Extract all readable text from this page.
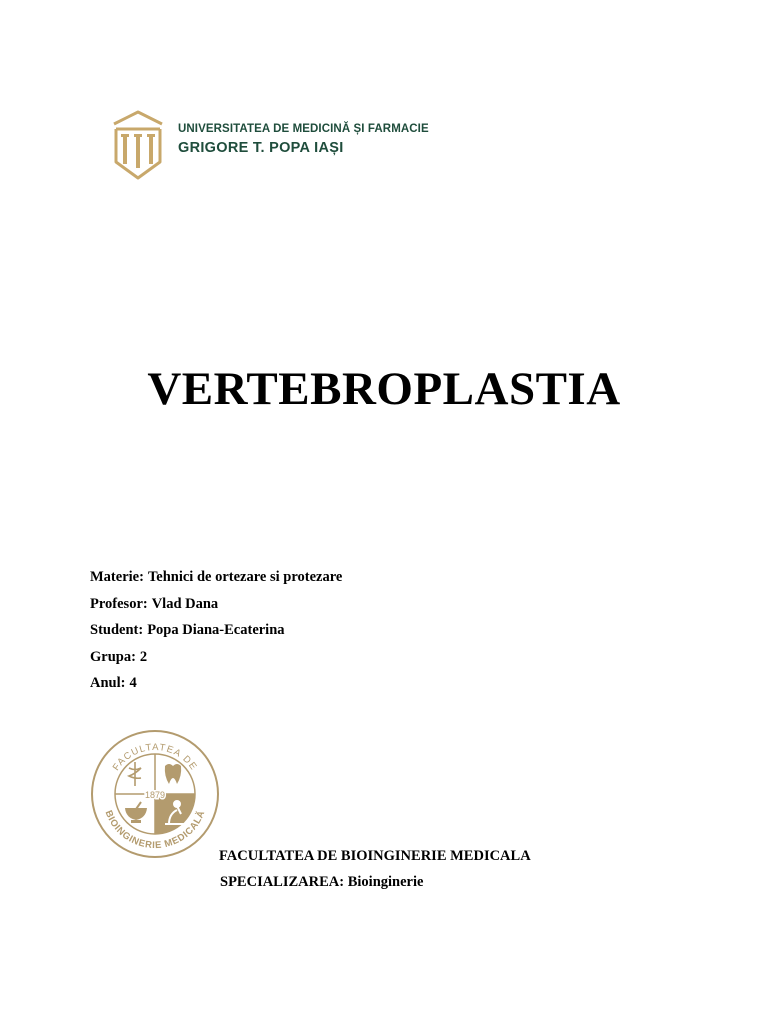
UNIVERSITATEA DE MEDICINĂ ȘI FARMACIE
GRIGORE T. POPA IAȘI
VERTEBROPLASTIA
Materie: Tehnici de ortezare si protezare
Profesor: Vlad Dana
Student: Popa Diana-Ecaterina
Grupa: 2
Anul: 4
FACULTATEA DE
BIOINGINERIE MEDICALĂ
1879
FACULTATEA DE BIOINGINERIE MEDICALA
SPECIALIZAREA: Bioinginerie
